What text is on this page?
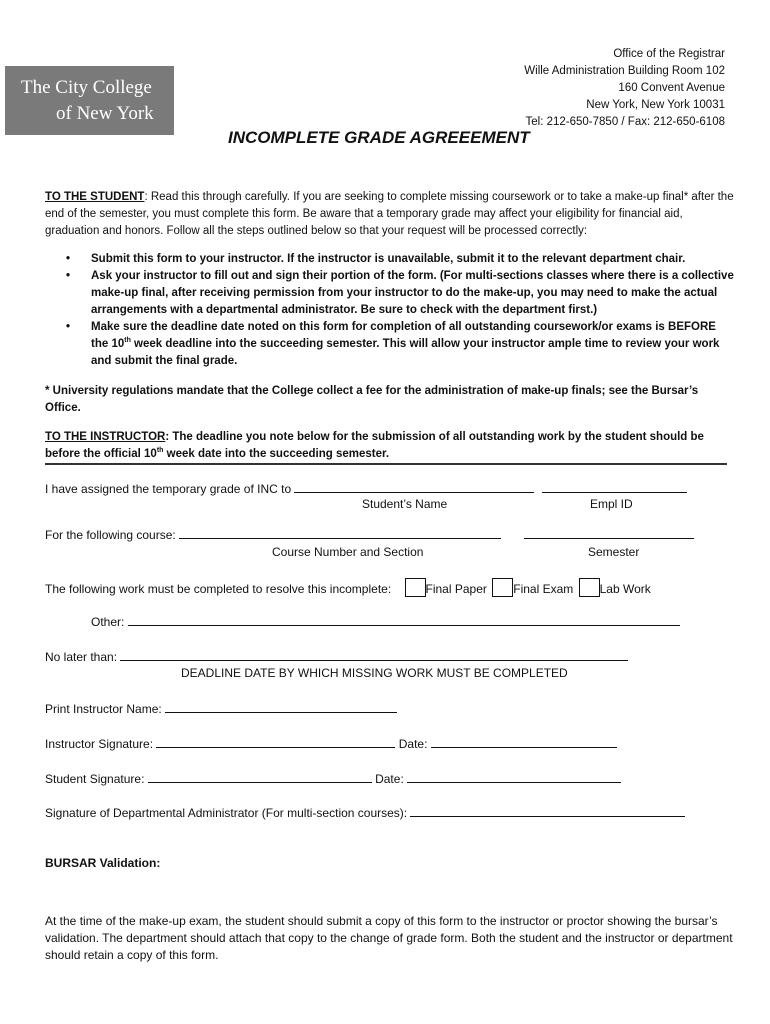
The City College
of New York
Office of the Registrar
Wille Administration Building Room 102
160 Convent Avenue
New York, New York 10031
Tel: 212-650-7850 / Fax: 212-650-6108
INCOMPLETE GRADE AGREEEMENT
TO THE STUDENT: Read this through carefully. If you are seeking to complete missing coursework or to take a make-up final* after the end of the semester, you must complete this form. Be aware that a temporary grade may affect your eligibility for financial aid, graduation and honors. Follow all the steps outlined below so that your request will be processed correctly:
• Submit this form to your instructor. If the instructor is unavailable, submit it to the relevant department chair.
• Ask your instructor to fill out and sign their portion of the form. (For multi-sections classes where there is a collective make-up final, after receiving permission from your instructor to do the make-up, you may need to make the actual arrangements with a departmental administrator. Be sure to check with the department first.)
• Make sure the deadline date noted on this form for completion of all outstanding coursework/or exams is BEFORE the 10th week deadline into the succeeding semester. This will allow your instructor ample time to review your work and submit the final grade.
* University regulations mandate that the College collect a fee for the administration of make-up finals; see the Bursar’s Office.
TO THE INSTRUCTOR: The deadline you note below for the submission of all outstanding work by the student should be before the official 10th week date into the succeeding semester.
I have assigned the temporary grade of INC to
Student’s Name	Empl ID
For the following course:
Course Number and Section	Semester
The following work must be completed to resolve this incomplete:	Final Paper Final Exam Lab Work
Other:
No later than:
DEADLINE DATE BY WHICH MISSING WORK MUST BE COMPLETED
Print Instructor Name:
Instructor Signature:	Date:
Student Signature:	Date:
Signature of Departmental Administrator (For multi-section courses):
BURSAR Validation:
At the time of the make-up exam, the student should submit a copy of this form to the instructor or proctor showing the bursar’s validation. The department should attach that copy to the change of grade form. Both the student and the instructor or department should retain a copy of this form.
